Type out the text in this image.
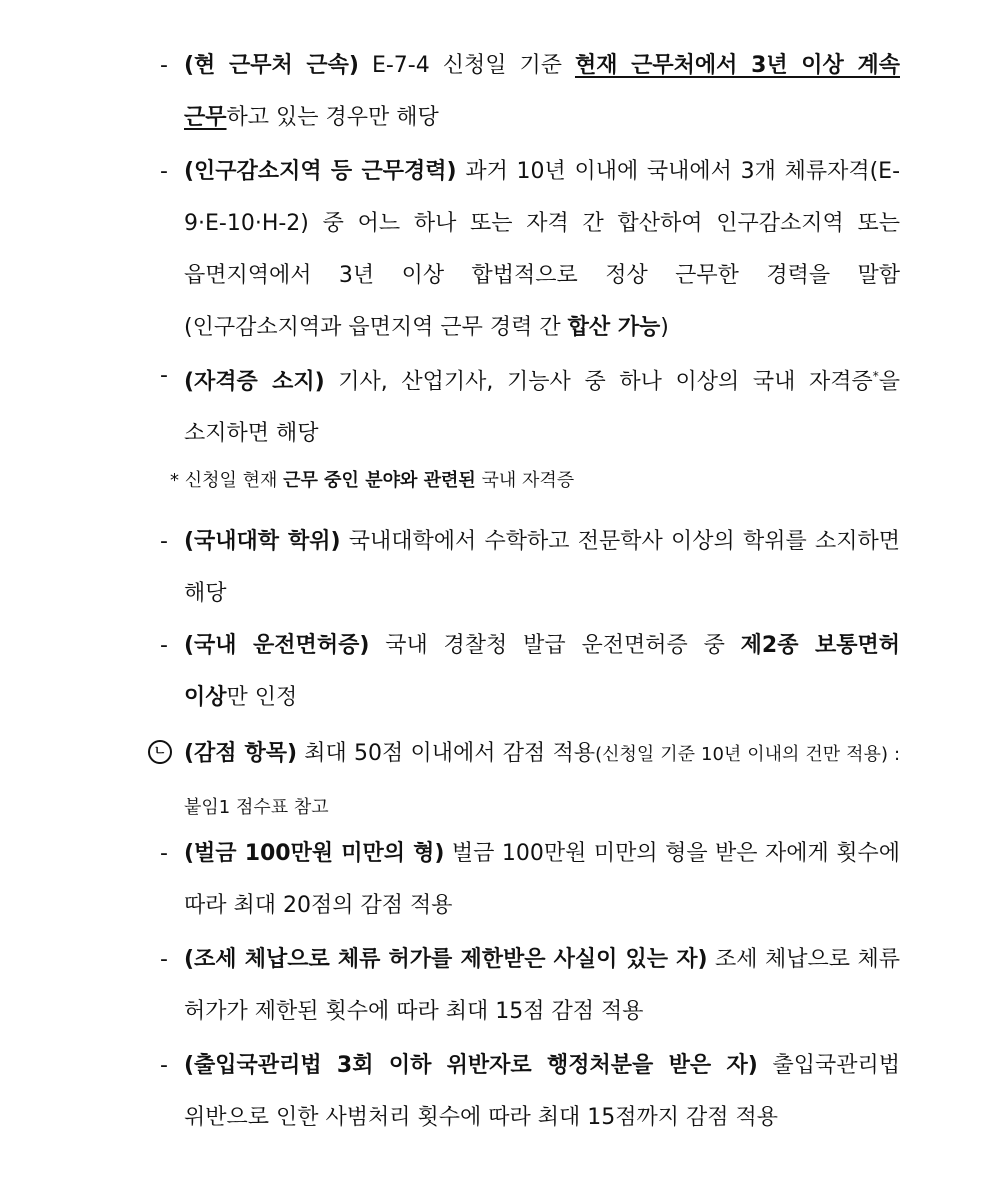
- (현 근무처 근속) E-7-4 신청일 기준 현재 근무처에서 3년 이상 계속 근무하고 있는 경우만 해당
- (인구감소지역 등 근무경력) 과거 10년 이내에 국내에서 3개 체류자격(E-9·E-10·H-2) 중 어느 하나 또는 자격 간 합산하여 인구감소지역 또는 읍면지역에서 3년 이상 합법적으로 정상 근무한 경력을 말함(인구감소지역과 읍면지역 근무 경력 간 합산 가능)
- (자격증 소지) 기사, 산업기사, 기능사 중 하나 이상의 국내 자격증*을 소지하면 해당
* 신청일 현재 근무 중인 분야와 관련된 국내 자격증
- (국내대학 학위) 국내대학에서 수학하고 전문학사 이상의 학위를 소지하면 해당
- (국내 운전면허증) 국내 경찰청 발급 운전면허증 중 제2종 보통면허 이상만 인정
ㄴ (감점 항목) 최대 50점 이내에서 감점 적용(신청일 기준 10년 이내의 건만 적용) : 붙임1 점수표 참고
- (벌금 100만원 미만의 형) 벌금 100만원 미만의 형을 받은 자에게 횟수에 따라 최대 20점의 감점 적용
- (조세 체납으로 체류 허가를 제한받은 사실이 있는 자) 조세 체납으로 체류 허가가 제한된 횟수에 따라 최대 15점 감점 적용
- (출입국관리법 3회 이하 위반자로 행정처분을 받은 자) 출입국관리법 위반으로 인한 사범처리 횟수에 따라 최대 15점까지 감점 적용
